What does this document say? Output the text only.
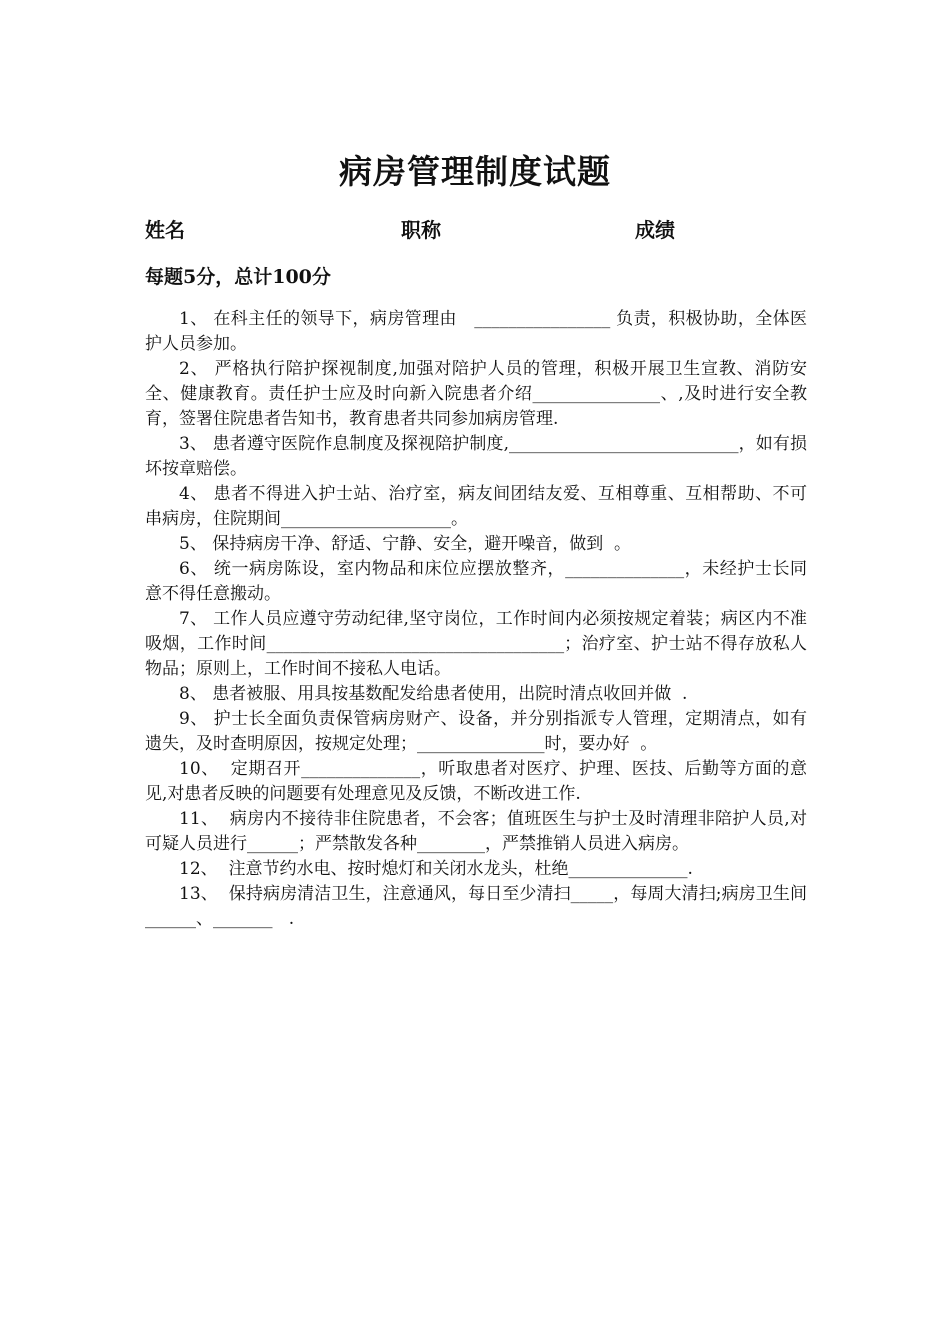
病房管理制度试题
姓名	职称	成绩

每题5分，总计100分

1、 在科主任的领导下，病房管理由   ________________ 负责，积极协助，全体医护人员参加。

2、 严格执行陪护探视制度,加强对陪护人员的管理，积极开展卫生宣教、消防安全、健康教育。责任护士应及时向新入院患者介绍_______________、,及时进行安全教育，签署住院患者告知书，教育患者共同参加病房管理.

3、 患者遵守医院作息制度及探视陪护制度,___________________________，如有损坏按章赔偿。

4、 患者不得进入护士站、治疗室，病友间团结友爱、互相尊重、互相帮助、不可串病房，住院期间____________________。

5、 保持病房干净、舒适、宁静、安全，避开噪音，做到  。

6、 统一病房陈设，室内物品和床位应摆放整齐，______________，未经护士长同意不得任意搬动。

7、 工作人员应遵守劳动纪律,坚守岗位，工作时间内必须按规定着装；病区内不准吸烟，工作时间___________________________________；治疗室、护士站不得存放私人物品；原则上，工作时间不接私人电话。

8、 患者被服、用具按基数配发给患者使用，出院时清点收回并做  .

9、 护士长全面负责保管病房财产、设备，并分别指派专人管理，定期清点，如有遗失，及时查明原因，按规定处理；_______________时，要办好  。

10、  定期召开______________，听取患者对医疗、护理、医技、后勤等方面的意见,对患者反映的问题要有处理意见及反馈，不断改进工作.

11、  病房内不接待非住院患者，不会客；值班医生与护士及时清理非陪护人员,对可疑人员进行______；严禁散发各种________，严禁推销人员进入病房。

12、  注意节约水电、按时熄灯和关闭水龙头，杜绝______________.

13、  保持病房清洁卫生，注意通风，每日至少清扫_____，每周大清扫;病房卫生间______、_______   .
